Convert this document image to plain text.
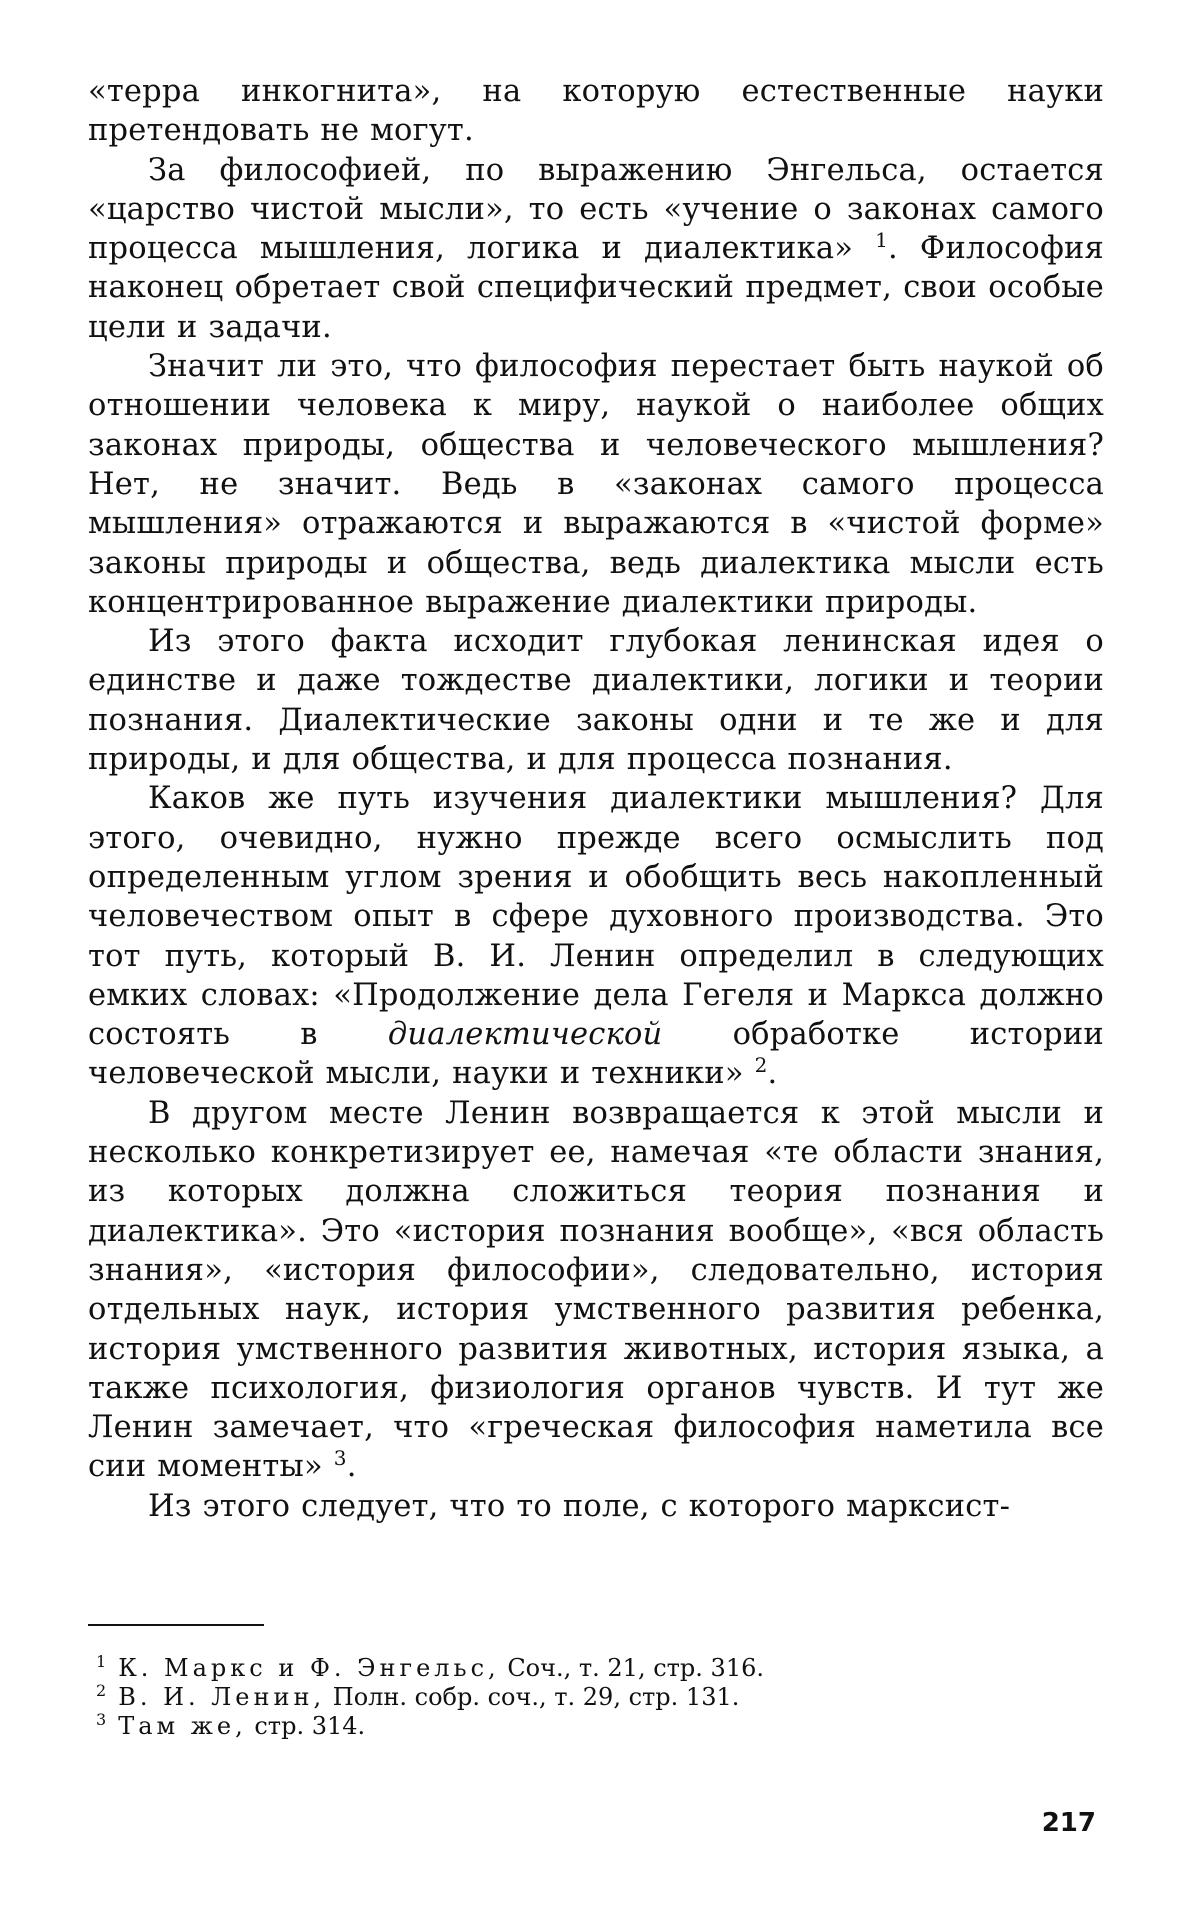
«терра инкогнита», на которую естественные науки претендовать не могут.

За философией, по выражению Энгельса, остается «царство чистой мысли», то есть «учение о законах самого процесса мышления, логика и диалектика» $^1$. Философия наконец обретает свой специфический предмет, свои особые цели и задачи.

Значит ли это, что философия перестает быть наукой об отношении человека к миру, наукой о наиболее общих законах природы, общества и человеческого мышления? Нет, не значит. Ведь в «законах самого процесса мышления» отражаются и выражаются в «чистой форме» законы природы и общества, ведь диалектика мысли есть концентрированное выражение диалектики природы.

Из этого факта исходит глубокая ленинская идея о единстве и даже тождестве диалектики, логики и теории познания. Диалектические законы одни и те же и для природы, и для общества, и для процесса познания.

Каков же путь изучения диалектики мышления? Для этого, очевидно, нужно прежде всего осмыслить под определенным углом зрения и обобщить весь накопленный человечеством опыт в сфере духовного производства. Это тот путь, который В. И. Ленин определил в следующих емких словах: «Продолжение дела Гегеля и Маркса должно состоять в диалектической обработке истории человеческой мысли, науки и техники» $^2$.

В другом месте Ленин возвращается к этой мысли и несколько конкретизирует ее, намечая «те области знания, из которых должна сложиться теория познания и диалектика». Это «история познания вообще», «вся область знания», «история философии», следовательно, история отдельных наук, история умственного развития ребенка, история умственного развития животных, история языка, а также психология, физиология органов чувств. И тут же Ленин замечает, что «греческая философия наметила все сии моменты» $^3$.

Из этого следует, что то поле, с которого марксист-

$^1$ К. Маркс и Ф. Энгельс, Соч., т. 21, стр. 316.

$^2$ В. И. Ленин, Полн. собр. соч., т. 29, стр. 131.

$^3$ Там же, стр. 314.

217
